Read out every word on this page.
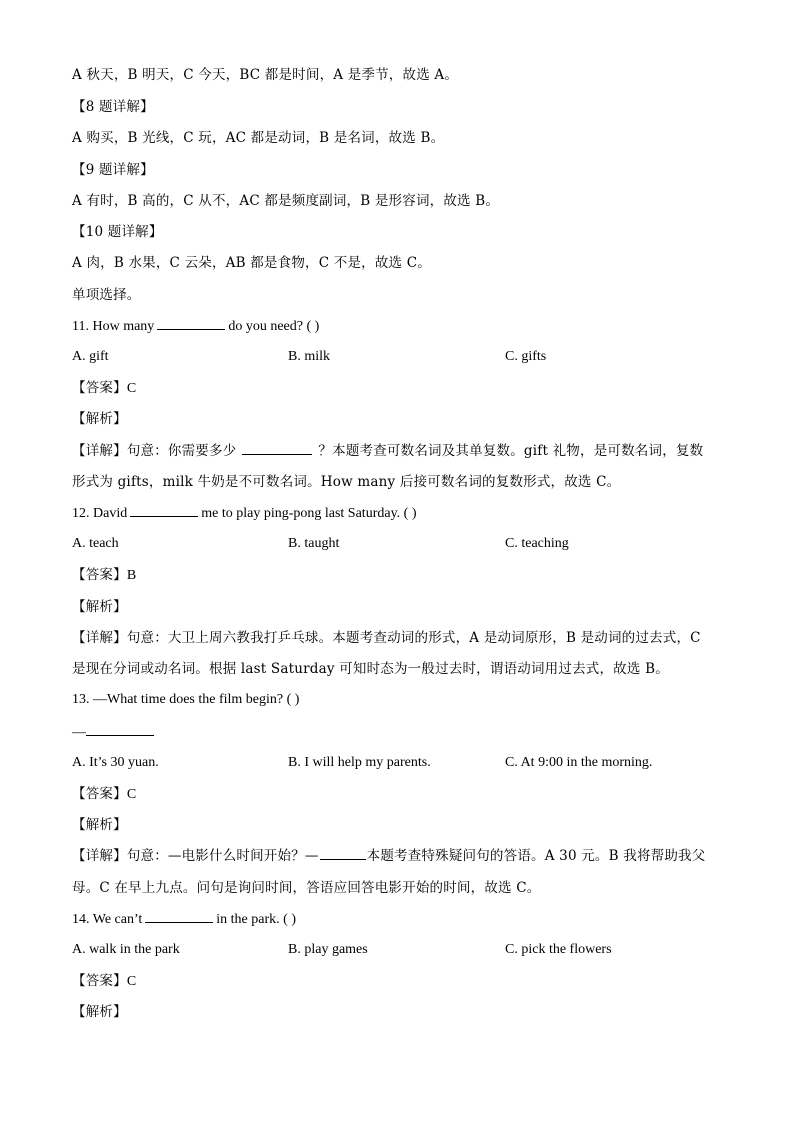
A 秋天，B 明天，C 今天，BC 都是时间，A 是季节，故选 A。
【8 题详解】
A 购买，B 光线，C 玩，AC 都是动词，B 是名词，故选 B。
【9 题详解】
A 有时，B 高的，C 从不，AC 都是频度副词，B 是形容词，故选 B。
【10 题详解】
A 肉，B 水果，C 云朵，AB 都是食物，C 不是，故选 C。
单项选择。
11. How many	do you need? ( )
A. gift	B. milk	C. gifts
【答案】C
【解析】
【详解】句意：你需要多少	？本题考查可数名词及其单复数。gift 礼物，是可数名词，复数
形式为 gifts，milk 牛奶是不可数名词。How many 后接可数名词的复数形式，故选 C。
12. David	me to play ping-pong last Saturday. ( )
A. teach	B. taught	C. teaching
【答案】B
【解析】
【详解】句意：大卫上周六教我打乒乓球。本题考查动词的形式，A 是动词原形，B 是动词的过去式，C
是现在分词或动名词。根据 last Saturday 可知时态为一般过去时，谓语动词用过去式，故选 B。
13. —What time does the film begin? ( )
—
A. It’s 30 yuan.	B. I will help my parents.	C. At 9:00 in the morning.
【答案】C
【解析】
【详解】句意：—电影什么时间开始？—	本题考查特殊疑问句的答语。A 30 元。B 我将帮助我父
母。C 在早上九点。问句是询问时间，答语应回答电影开始的时间，故选 C。
14. We can’t	in the park. ( )
A. walk in the park	B. play games	C. pick the flowers
【答案】C
【解析】
